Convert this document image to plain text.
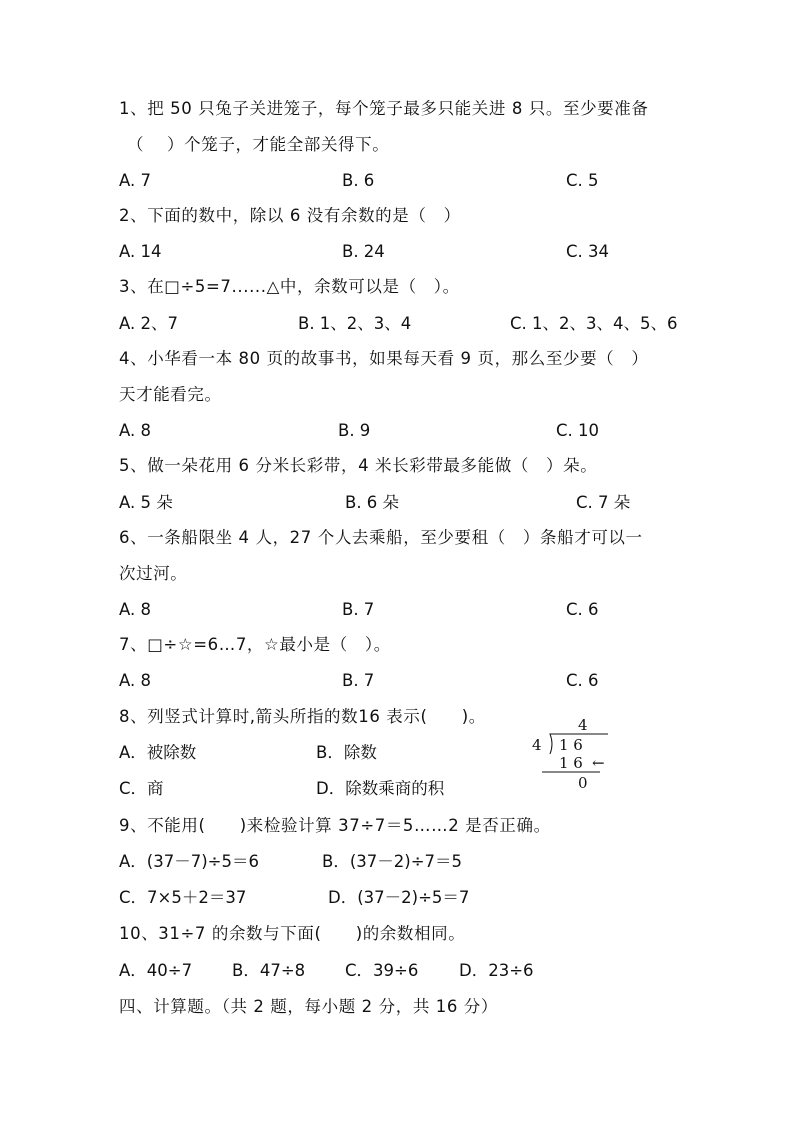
1、把 50 只兔子关进笼子，每个笼子最多只能关进 8 只。至少要准备
（　 ）个笼子，才能全部关得下。
A. 7	B. 6	C. 5
2、下面的数中，除以 6 没有余数的是（　）
A. 14	B. 24	C. 34
3、在□÷5=7......△中，余数可以是（　）。
A. 2、7	B. 1、2、3、4	C. 1、2、3、4、5、6
4、小华看一本 80 页的故事书，如果每天看 9 页，那么至少要（　）
天才能看完。
A. 8	B. 9	C. 10
5、做一朵花用 6 分米长彩带，4 米长彩带最多能做（　）朵。
A. 5 朵	B. 6 朵	C. 7 朵
6、一条船限坐 4 人，27 个人去乘船，至少要租（　）条船才可以一
次过河。
A. 8	B. 7	C. 6
7、□÷☆=6…7，☆最小是（　）。
A. 8	B. 7	C. 6
8、列竖式计算时,箭头所指的数16 表示(　　)。
A．被除数	B．除数
C．商	D．除数乘商的积
4
4 1 6
1 6 ←
0
9、不能用(　　)来检验计算 37÷7＝5……2 是否正确。
A．(37－7)÷5＝6	B．(37－2)÷7＝5
C．7×5＋2＝37	D．(37－2)÷5＝7
10、31÷7 的余数与下面(　　)的余数相同。
A．40÷7 B．47÷8 C．39÷6 D．23÷6
四、计算题。（共 2 题，每小题 2 分，共 16 分）
